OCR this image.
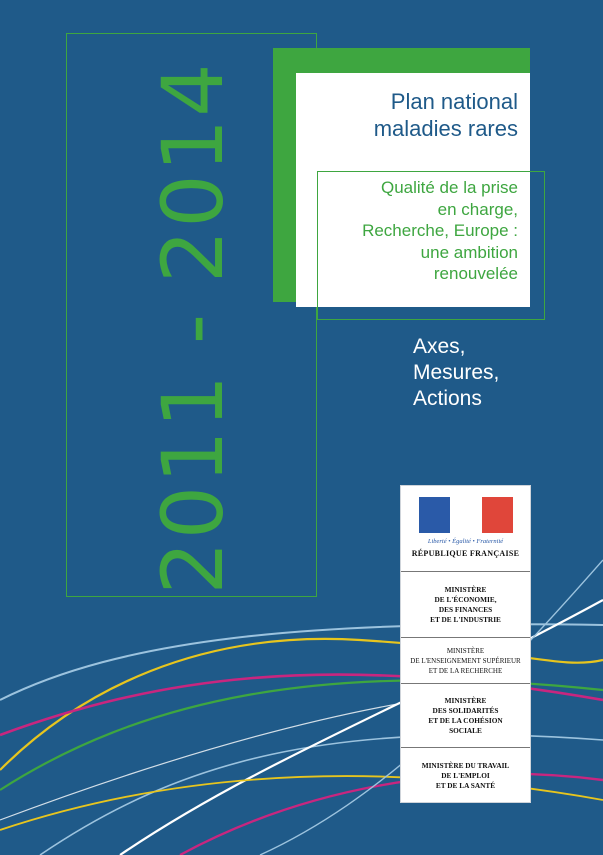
2011 - 2014	Plan national
maladies rares
Qualité de la prise
en charge,
Recherche, Europe :
une ambition
renouvelée
Axes,
Mesures,
Actions
Liberté • Égalité • Fraternité
RÉPUBLIQUE FRANÇAISE
MINISTÈRE
DE L'ÉCONOMIE,
DES FINANCES
ET DE L'INDUSTRIE
MINISTÈRE
DE L'ENSEIGNEMENT SUPÉRIEUR
ET DE LA RECHERCHE
MINISTÈRE
DES SOLIDARITÉS
ET DE LA COHÉSION
SOCIALE
MINISTÈRE DU TRAVAIL
DE L'EMPLOI
ET DE LA SANTÉ
